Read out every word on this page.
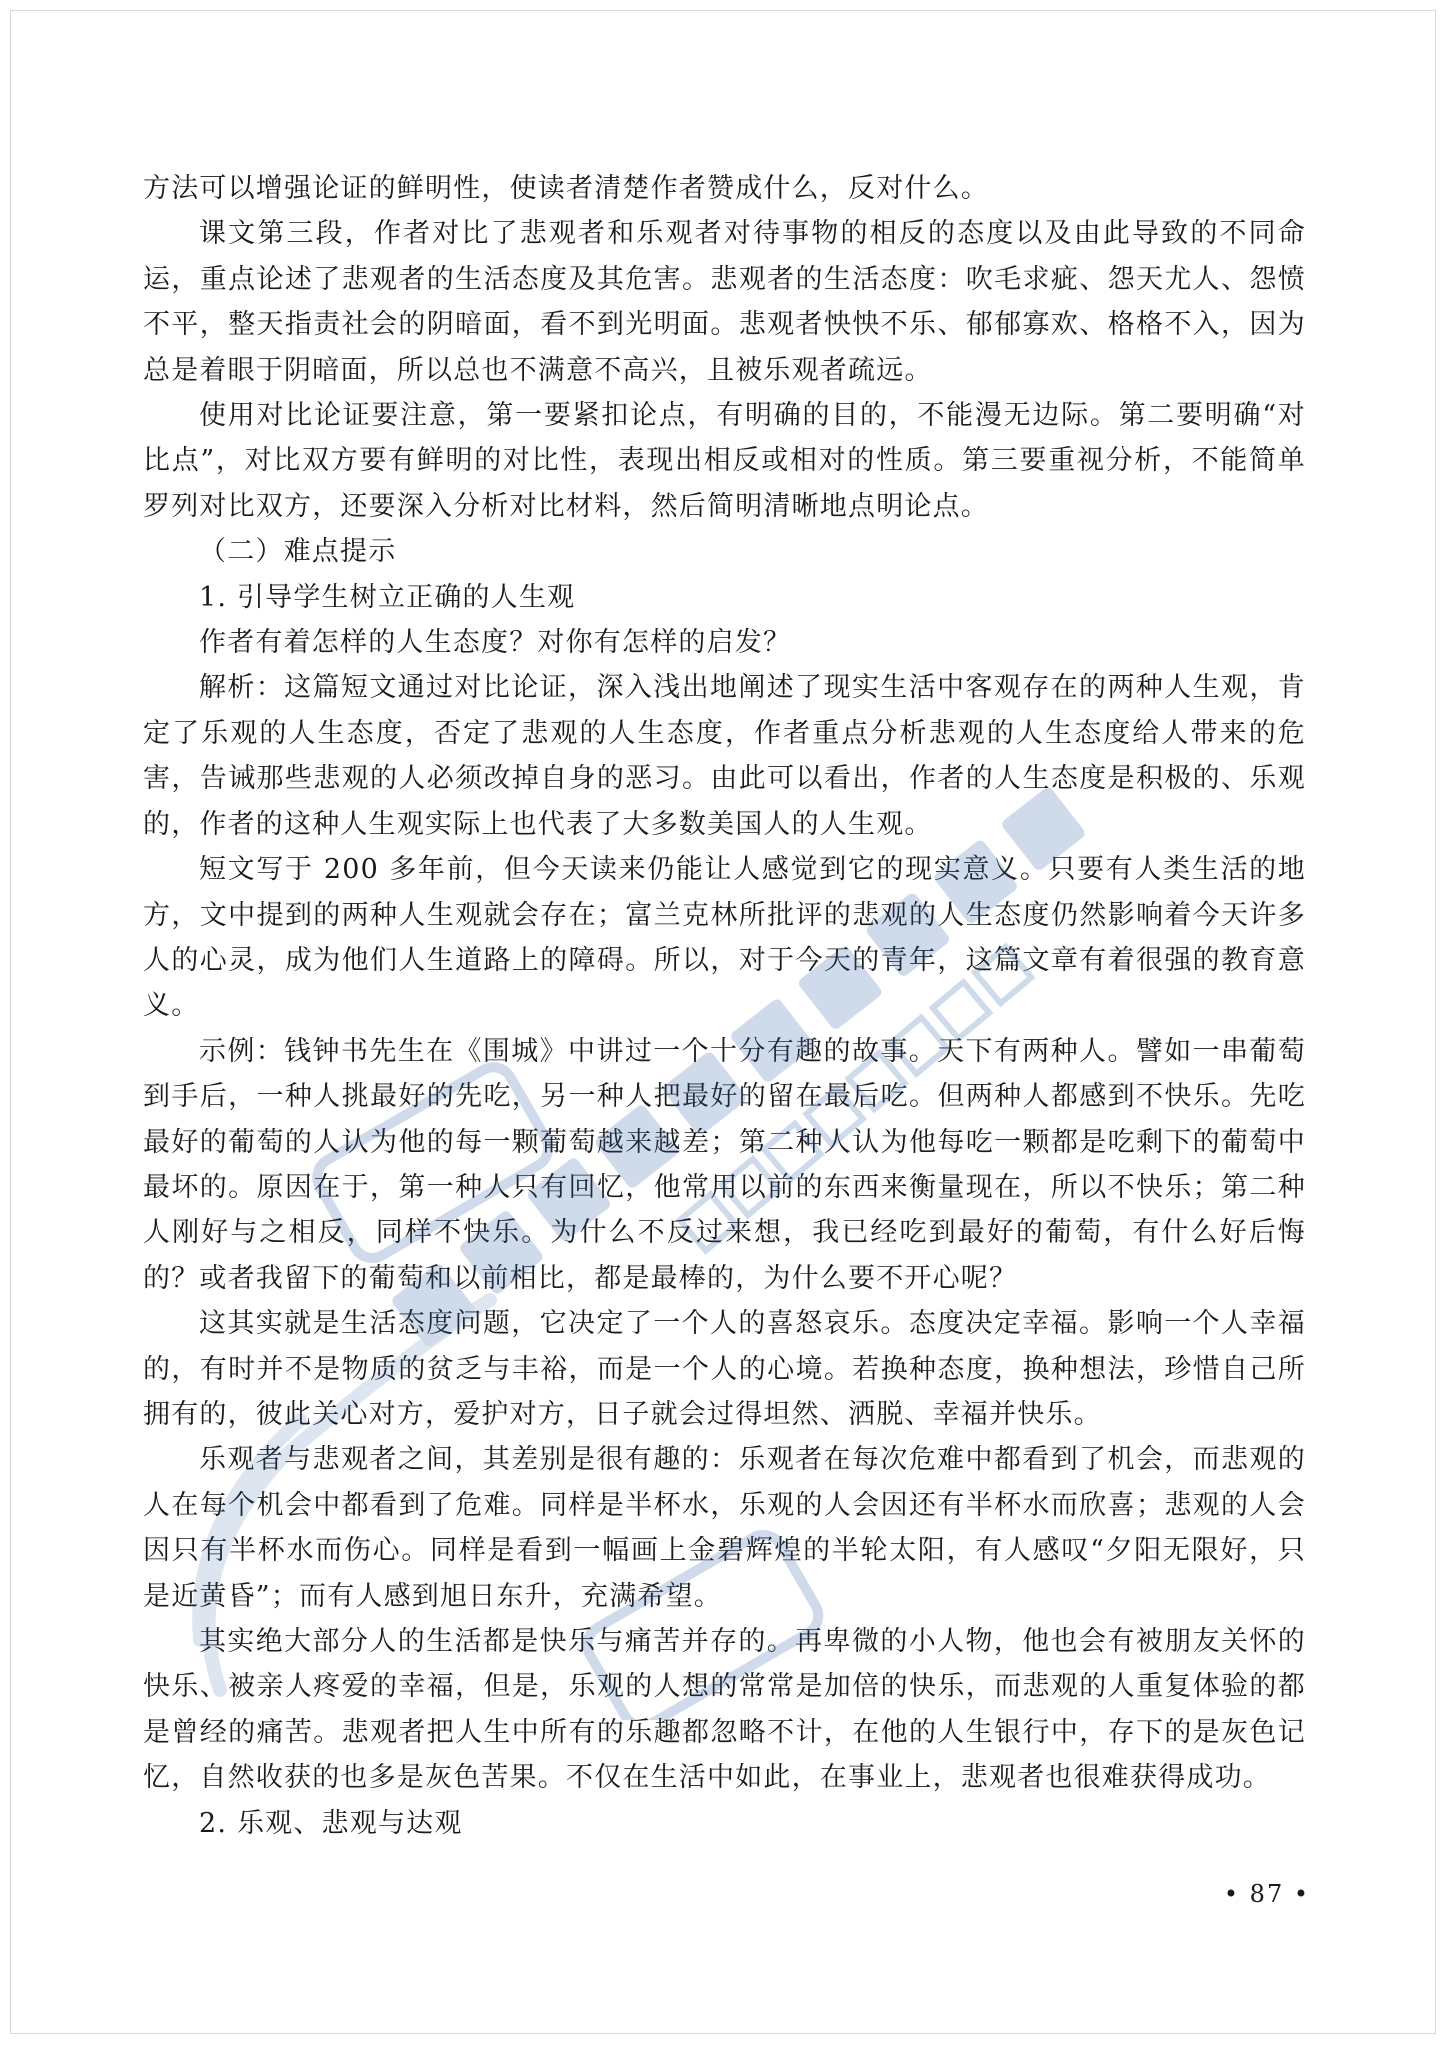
方法可以增强论证的鲜明性，使读者清楚作者赞成什么，反对什么。

课文第三段，作者对比了悲观者和乐观者对待事物的相反的态度以及由此导致的不同命运，重点论述了悲观者的生活态度及其危害。悲观者的生活态度：吹毛求疵、怨天尤人、怨愤不平，整天指责社会的阴暗面，看不到光明面。悲观者怏怏不乐、郁郁寡欢、格格不入，因为总是着眼于阴暗面，所以总也不满意不高兴，且被乐观者疏远。

使用对比论证要注意，第一要紧扣论点，有明确的目的，不能漫无边际。第二要明确“对比点”，对比双方要有鲜明的对比性，表现出相反或相对的性质。第三要重视分析，不能简单罗列对比双方，还要深入分析对比材料，然后简明清晰地点明论点。

（二）难点提示

1. 引导学生树立正确的人生观

作者有着怎样的人生态度？对你有怎样的启发？

解析：这篇短文通过对比论证，深入浅出地阐述了现实生活中客观存在的两种人生观，肯定了乐观的人生态度，否定了悲观的人生态度，作者重点分析悲观的人生态度给人带来的危害，告诫那些悲观的人必须改掉自身的恶习。由此可以看出，作者的人生态度是积极的、乐观的，作者的这种人生观实际上也代表了大多数美国人的人生观。

短文写于 200 多年前，但今天读来仍能让人感觉到它的现实意义。只要有人类生活的地方，文中提到的两种人生观就会存在；富兰克林所批评的悲观的人生态度仍然影响着今天许多人的心灵，成为他们人生道路上的障碍。所以，对于今天的青年，这篇文章有着很强的教育意义。

示例：钱钟书先生在《围城》中讲过一个十分有趣的故事。天下有两种人。譬如一串葡萄到手后，一种人挑最好的先吃，另一种人把最好的留在最后吃。但两种人都感到不快乐。先吃最好的葡萄的人认为他的每一颗葡萄越来越差；第二种人认为他每吃一颗都是吃剩下的葡萄中最坏的。原因在于，第一种人只有回忆，他常用以前的东西来衡量现在，所以不快乐；第二种人刚好与之相反，同样不快乐。为什么不反过来想，我已经吃到最好的葡萄，有什么好后悔的？或者我留下的葡萄和以前相比，都是最棒的，为什么要不开心呢？

这其实就是生活态度问题，它决定了一个人的喜怒哀乐。态度决定幸福。影响一个人幸福的，有时并不是物质的贫乏与丰裕，而是一个人的心境。若换种态度，换种想法，珍惜自己所拥有的，彼此关心对方，爱护对方，日子就会过得坦然、洒脱、幸福并快乐。

乐观者与悲观者之间，其差别是很有趣的：乐观者在每次危难中都看到了机会，而悲观的人在每个机会中都看到了危难。同样是半杯水，乐观的人会因还有半杯水而欣喜；悲观的人会因只有半杯水而伤心。同样是看到一幅画上金碧辉煌的半轮太阳，有人感叹“夕阳无限好，只是近黄昏”；而有人感到旭日东升，充满希望。

其实绝大部分人的生活都是快乐与痛苦并存的。再卑微的小人物，他也会有被朋友关怀的快乐、被亲人疼爱的幸福，但是，乐观的人想的常常是加倍的快乐，而悲观的人重复体验的都是曾经的痛苦。悲观者把人生中所有的乐趣都忽略不计，在他的人生银行中，存下的是灰色记忆，自然收获的也多是灰色苦果。不仅在生活中如此，在事业上，悲观者也很难获得成功。

2. 乐观、悲观与达观

• 87 •
